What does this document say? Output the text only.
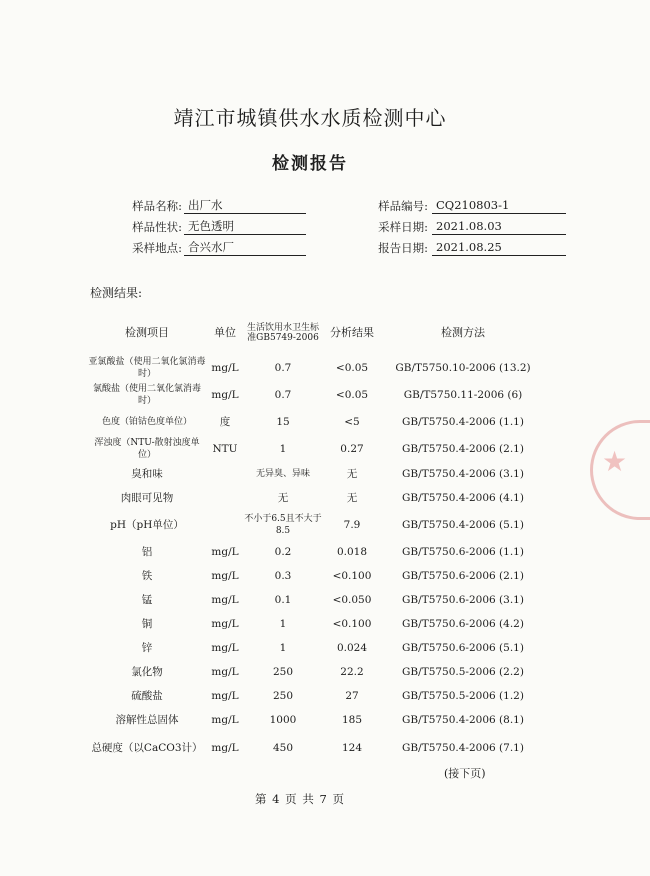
靖江市城镇供水水质检测中心
检测报告
样品名称: 出厂水	样品编号: CQ210803-1
样品性状: 无色透明	采样日期: 2021.08.03
采样地点: 合兴水厂	报告日期: 2021.08.25
检测结果:
检测项目	单位	生活饮用水卫生标准GB5749-2006	分析结果	检测方法
亚氯酸盐（使用二氧化氯消毒时）	mg/L	0.7	<0.05	GB/T5750.10-2006 (13.2)
氯酸盐（使用二氧化氯消毒时）	mg/L	0.7	<0.05	GB/T5750.11-2006 (6)
色度（铂钴色度单位）	度	15	<5	GB/T5750.4-2006 (1.1)
浑浊度（NTU-散射浊度单位）	NTU	1	0.27	GB/T5750.4-2006 (2.1)
臭和味		无异臭、异味	无	GB/T5750.4-2006 (3.1)
肉眼可见物		无	无	GB/T5750.4-2006 (4.1)
pH（pH单位）		不小于6.5且不大于8.5	7.9	GB/T5750.4-2006 (5.1)
铝	mg/L	0.2	0.018	GB/T5750.6-2006 (1.1)
铁	mg/L	0.3	<0.100	GB/T5750.6-2006 (2.1)
锰	mg/L	0.1	<0.050	GB/T5750.6-2006 (3.1)
铜	mg/L	1	<0.100	GB/T5750.6-2006 (4.2)
锌	mg/L	1	0.024	GB/T5750.6-2006 (5.1)
氯化物	mg/L	250	22.2	GB/T5750.5-2006 (2.2)
硫酸盐	mg/L	250	27	GB/T5750.5-2006 (1.2)
溶解性总固体	mg/L	1000	185	GB/T5750.4-2006 (8.1)
总硬度（以CaCO3计）	mg/L	450	124	GB/T5750.4-2006 (7.1)
(接下页)
第 4 页 共 7 页
★
